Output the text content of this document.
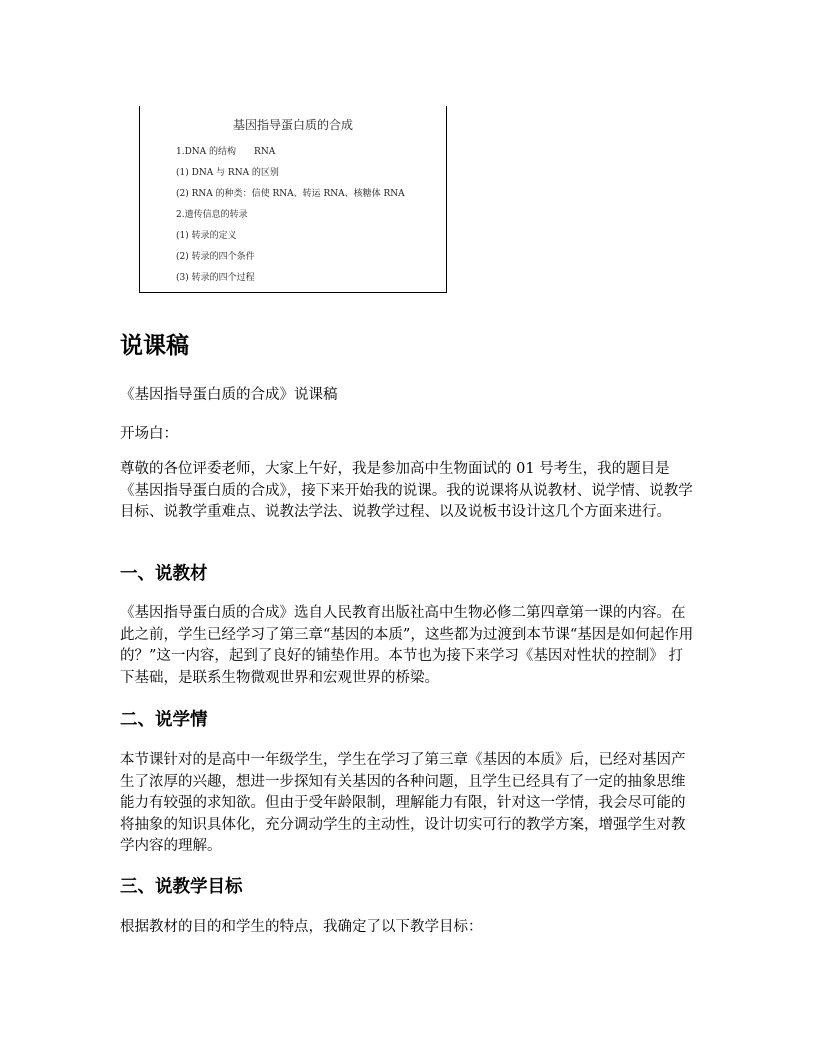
基因指导蛋白质的合成
1.DNA 的结构　　RNA
(1) DNA 与 RNA 的区别
(2) RNA 的种类：信使 RNA、转运 RNA、核糖体 RNA
2.遗传信息的转录
(1) 转录的定义
(2) 转录的四个条件
(3) 转录的四个过程
说课稿

《基因指导蛋白质的合成》说课稿

开场白：

尊敬的各位评委老师，大家上午好，我是参加高中生物面试的 01 号考生，我的题目是《基因指导蛋白质的合成》，接下来开始我的说课。我的说课将从说教材、说学情、说教学目标、说教学重难点、说教法学法、说教学过程、以及说板书设计这几个方面来进行。

一、说教材

《基因指导蛋白质的合成》选自人民教育出版社高中生物必修二第四章第一课的内容。在此之前，学生已经学习了第三章“基因的本质”，这些都为过渡到本节课“基因是如何起作用的？”这一内容，起到了良好的铺垫作用。本节也为接下来学习《基因对性状的控制》 打下基础，是联系生物微观世界和宏观世界的桥梁。

二、说学情

本节课针对的是高中一年级学生，学生在学习了第三章《基因的本质》后，已经对基因产生了浓厚的兴趣，想进一步探知有关基因的各种问题，且学生已经具有了一定的抽象思维能力有较强的求知欲。但由于受年龄限制，理解能力有限，针对这一学情，我会尽可能的将抽象的知识具体化，充分调动学生的主动性，设计切实可行的教学方案，增强学生对教学内容的理解。

三、说教学目标

根据教材的目的和学生的特点，我确定了以下教学目标：
